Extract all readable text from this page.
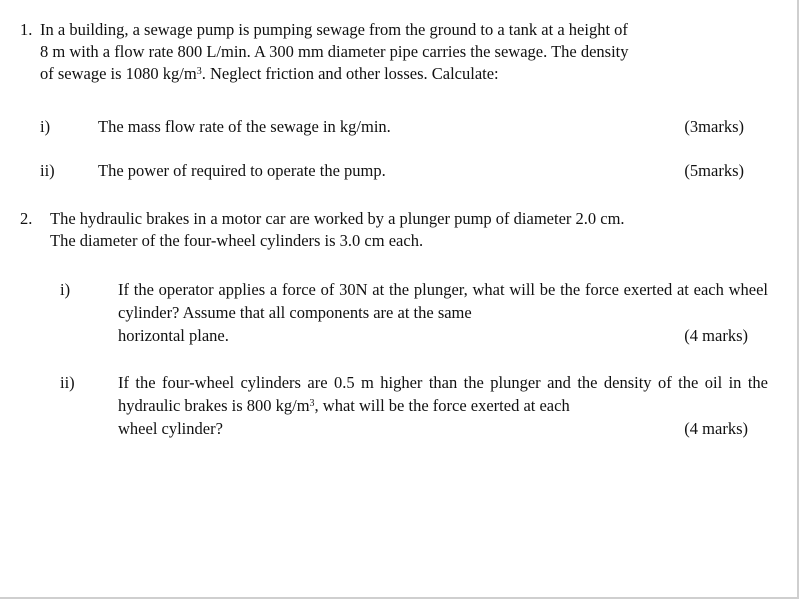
1. In a building, a sewage pump is pumping sewage from the ground to a tank at a height of
8 m with a flow rate 800 L/min. A 300 mm diameter pipe carries the sewage. The density
of sewage is 1080 $kg/m^3$. Neglect friction and other losses. Calculate:
i)	The mass flow rate of the sewage in kg/min.	(3marks)
ii)	The power of required to operate the pump.	(5marks)
2.	The hydraulic brakes in a motor car are worked by a plunger pump of diameter 2.0 cm.
The diameter of the four-wheel cylinders is 3.0 cm each.
i)	If the operator applies a force of 30N at the plunger, what will be the force exerted at each wheel cylinder? Assume that all components are at the same
horizontal plane.	(4 marks)
ii)	If the four-wheel cylinders are 0.5 m higher than the plunger and the density of the oil in the hydraulic brakes is 800 $kg/m^3$, what will be the force exerted at each
wheel cylinder?	(4 marks)
